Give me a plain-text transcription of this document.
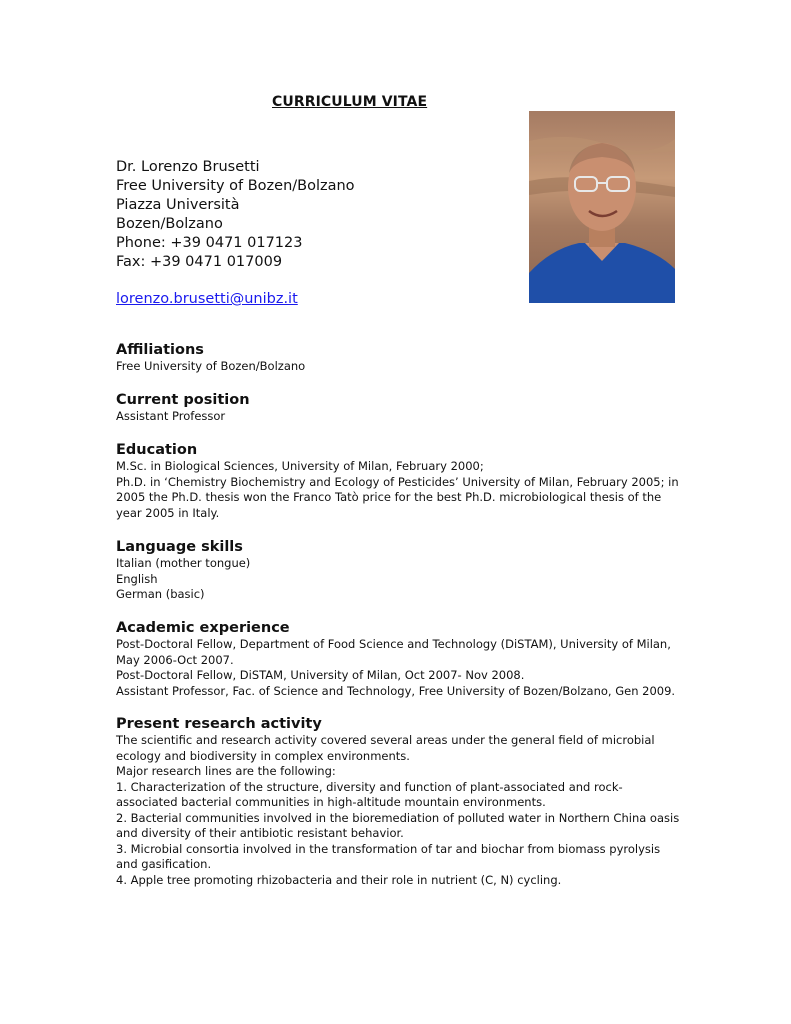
CURRICULUM VITAE
Dr. Lorenzo Brusetti
Free University of Bozen/Bolzano
Piazza Università
Bozen/Bolzano
Phone: +39 0471 017123
Fax: +39 0471 017009
lorenzo.brusetti@unibz.it
Affiliations

Free University of Bozen/Bolzano

Current position

Assistant Professor

Education

M.Sc. in Biological Sciences, University of Milan, February 2000;

Ph.D. in ‘Chemistry Biochemistry and Ecology of Pesticides’ University of Milan, February 2005; in

2005 the Ph.D. thesis won the Franco Tatò price for the best Ph.D. microbiological thesis of the

year 2005 in Italy.

Language skills

Italian (mother tongue)

English

German (basic)

Academic experience

Post-Doctoral Fellow, Department of Food Science and Technology (DiSTAM), University of Milan,

May 2006-Oct 2007.

Post-Doctoral Fellow, DiSTAM, University of Milan, Oct 2007- Nov 2008.

Assistant Professor, Fac. of Science and Technology, Free University of Bozen/Bolzano, Gen 2009.

Present research activity

The scientific and research activity covered several areas under the general field of microbial

ecology and biodiversity in complex environments.

Major research lines are the following:

1. Characterization of the structure, diversity and function of plant-associated and rock-

associated bacterial communities in high-altitude mountain environments.

2. Bacterial communities involved in the bioremediation of polluted water in Northern China oasis

and diversity of their antibiotic resistant behavior.

3. Microbial consortia involved in the transformation of tar and biochar from biomass pyrolysis

and gasification.

4. Apple tree promoting rhizobacteria and their role in nutrient (C, N) cycling.
